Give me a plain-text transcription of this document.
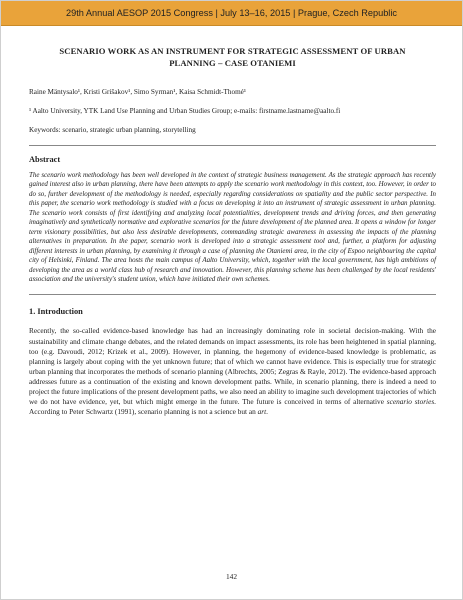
29th Annual AESOP 2015 Congress | July 13–16, 2015 | Prague, Czech Republic
SCENARIO WORK AS AN INSTRUMENT FOR STRATEGIC ASSESSMENT OF URBAN PLANNING – CASE OTANIEMI
Raine Mäntysalo¹, Kristi Grišakov¹, Simo Syrman¹, Kaisa Schmidt-Thomé¹
¹ Aalto University, YTK Land Use Planning and Urban Studies Group; e-mails: firstname.lastname@aalto.fi
Keywords: scenario, strategic urban planning, storytelling
Abstract
The scenario work methodology has been well developed in the context of strategic business management. As the strategic approach has recently gained interest also in urban planning, there have been attempts to apply the scenario work methodology in this context, too. However, in order to do so, further development of the methodology is needed, especially regarding considerations on spatiality and the public sector perspective. In this paper, the scenario work methodology is studied with a focus on developing it into an instrument of strategic assessment in urban planning. The scenario work consists of first identifying and analyzing local potentialities, development trends and driving forces, and then generating imaginatively and synthetically normative and explorative scenarios for the future development of the planned area. It opens a window for longer term visionary possibilities, but also less desirable developments, commanding strategic awareness in assessing the impacts of the planning alternatives in preparation. In the paper, scenario work is developed into a strategic assessment tool and, further, a platform for adjusting different interests in urban planning, by examining it through a case of planning the Otaniemi area, in the city of Espoo neighbouring the capital city of Helsinki, Finland. The area hosts the main campus of Aalto University, which, together with the local government, has high ambitions of developing the area as a world class hub of research and innovation. However, this planning scheme has been challenged by the local residents' association and the university's student union, which have initiated their own schemes.
1. Introduction

Recently, the so-called evidence-based knowledge has had an increasingly dominating role in societal decision-making. With the sustainability and climate change debates, and the related demands on impact assessments, its role has been heightened in spatial planning, too (e.g. Davoudi, 2012; Krizek et al., 2009). However, in planning, the hegemony of evidence-based knowledge is problematic, as planning is largely about coping with the yet unknown future; that of which we cannot have evidence. This is especially true for strategic urban planning that incorporates the methods of scenario planning (Albrechts, 2005; Zegras & Rayle, 2012). The evidence-based approach addresses future as a continuation of the existing and known development paths. While, in scenario planning, there is indeed a need to project the future implications of the present development paths, we also need an ability to imagine such development trajectories of which we do not have evidence, yet, but which might emerge in the future. The future is conceived in terms of alternative scenario stories. According to Peter Schwartz (1991), scenario planning is not a science but an art.

142
